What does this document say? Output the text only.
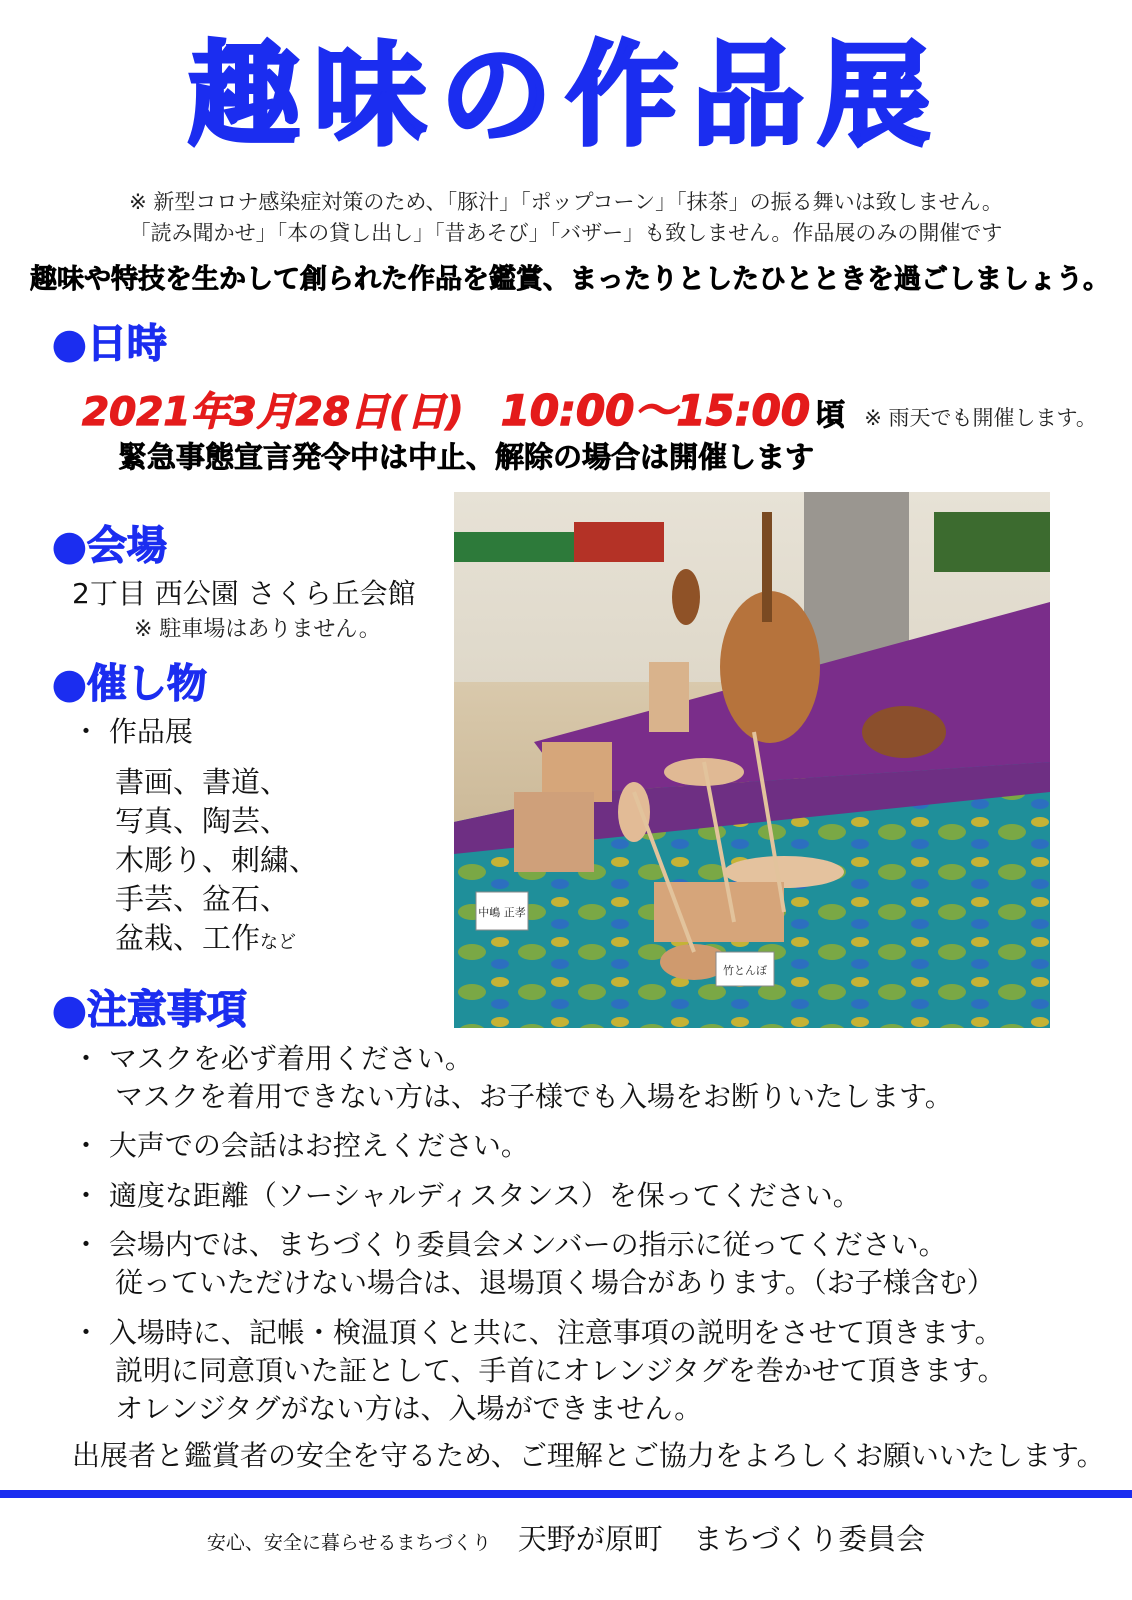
趣味の作品展
※ 新型コロナ感染症対策のため、「豚汁」「ポップコーン」「抹茶」の振る舞いは致しません。
「読み聞かせ」「本の貸し出し」「昔あそび」「バザー」も致しません。作品展のみの開催です
趣味や特技を生かして創られた作品を鑑賞、まったりとしたひとときを過ごしましょう。
●日時
2021年3月28日(日) 10:00〜15:00 頃 ※ 雨天でも開催します。
緊急事態宣言発令中は中止、解除の場合は開催します
●会場
2丁目 西公園 さくら丘会館
※ 駐車場はありません。
●催し物
・ 作品展
書画、書道、
写真、陶芸、
木彫り、刺繍、
手芸、盆石、
盆栽、工作など
中嶋 正孝
竹とんぼ
●注意事項
・ マスクを必ず着用ください。
マスクを着用できない方は、お子様でも入場をお断りいたします。
・ 大声での会話はお控えください。
・ 適度な距離（ソーシャルディスタンス）を保ってください。
・ 会場内では、まちづくり委員会メンバーの指示に従ってください。
従っていただけない場合は、退場頂く場合があります。（お子様含む）
・ 入場時に、記帳・検温頂くと共に、注意事項の説明をさせて頂きます。
説明に同意頂いた証として、手首にオレンジタグを巻かせて頂きます。
オレンジタグがない方は、入場ができません。
出展者と鑑賞者の安全を守るため、ご理解とご協力をよろしくお願いいたします。
安心、安全に暮らせるまちづくり 天野が原町 まちづくり委員会
